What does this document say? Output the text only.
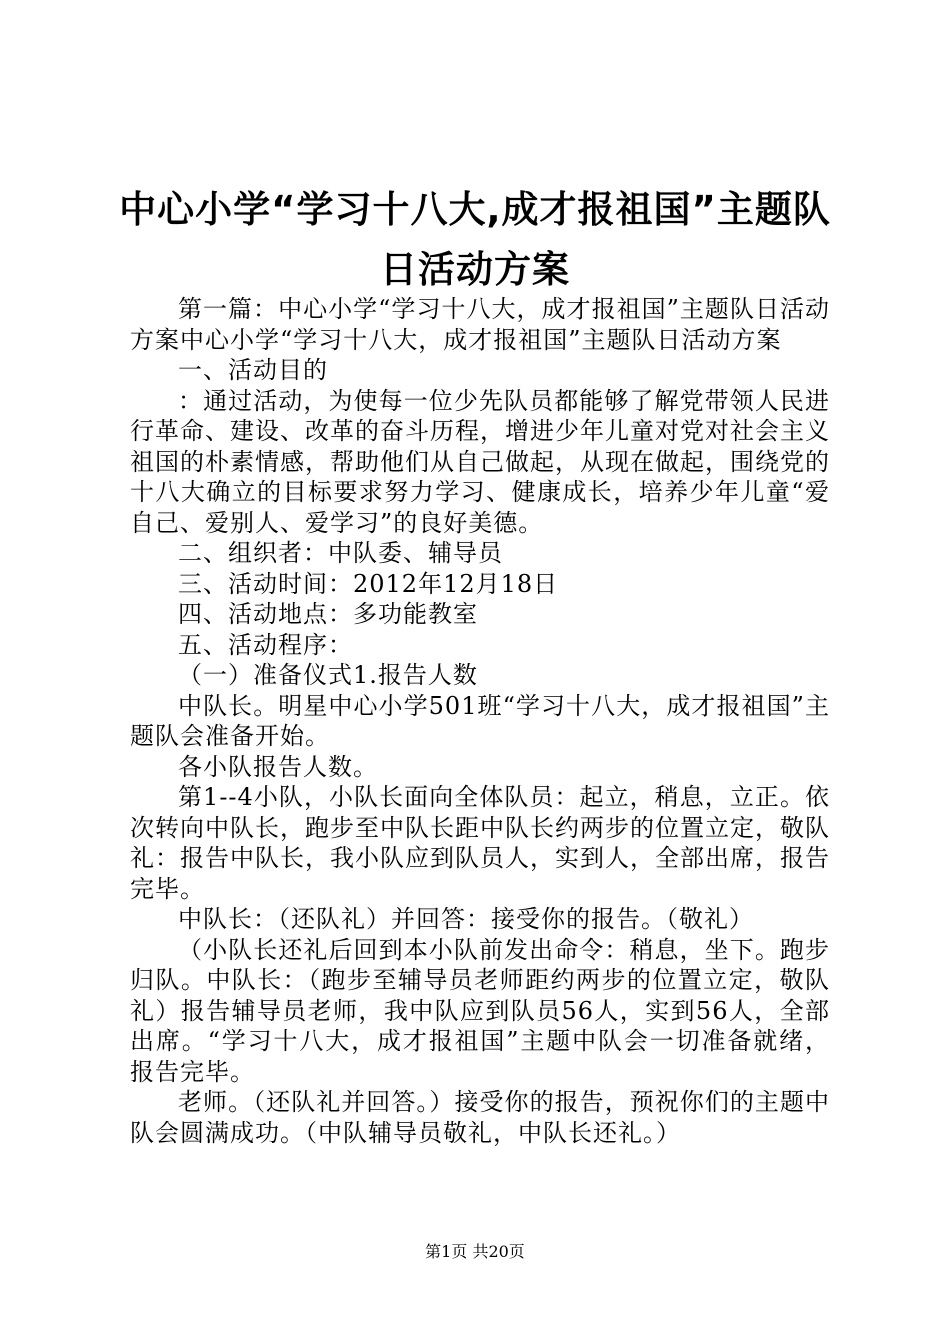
中心小学“学习十八大,成才报祖国”主题队
日活动方案

第一篇：中心小学“学习十八大，成才报祖国”主题队日活动方案中心小学“学习十八大，成才报祖国”主题队日活动方案

一、活动目的

：通过活动，为使每一位少先队员都能够了解党带领人民进行革命、建设、改革的奋斗历程，增进少年儿童对党对社会主义祖国的朴素情感，帮助他们从自己做起，从现在做起，围绕党的十八大确立的目标要求努力学习、健康成长，培养少年儿童“爱自己、爱别人、爱学习”的良好美德。

二、组织者：中队委、辅导员

三、活动时间：2012年12月18日

四、活动地点：多功能教室

五、活动程序：

（一）准备仪式1.报告人数

中队长。明星中心小学501班“学习十八大，成才报祖国”主题队会准备开始。

各小队报告人数。

第1--4小队，小队长面向全体队员：起立，稍息，立正。依次转向中队长，跑步至中队长距中队长约两步的位置立定，敬队礼：报告中队长，我小队应到队员人，实到人，全部出席，报告完毕。

中队长：（还队礼）并回答：接受你的报告。（敬礼）

（小队长还礼后回到本小队前发出命令：稍息，坐下。跑步归队。中队长：（跑步至辅导员老师距约两步的位置立定，敬队礼）报告辅导员老师，我中队应到队员56人，实到56人，全部出席。“学习十八大，成才报祖国”主题中队会一切准备就绪，报告完毕。

老师。（还队礼并回答。）接受你的报告，预祝你们的主题中队会圆满成功。（中队辅导员敬礼，中队长还礼。）

第1页 共20页
